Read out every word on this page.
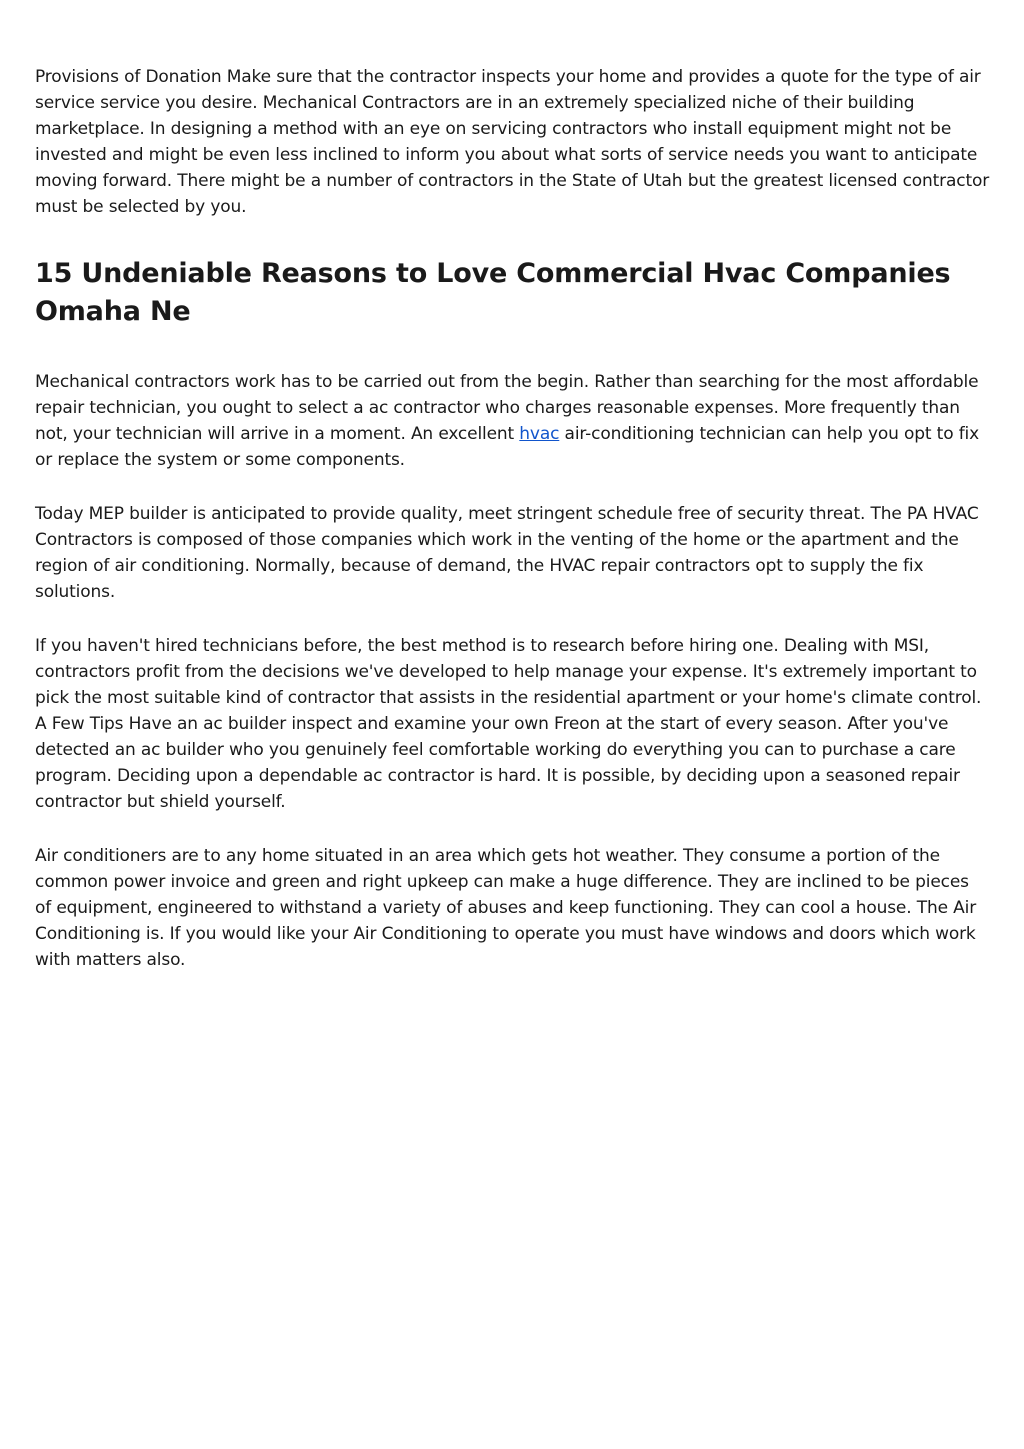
Provisions of Donation Make sure that the contractor inspects your home and provides a quote for the type of air service service you desire. Mechanical Contractors are in an extremely specialized niche of their building marketplace. In designing a method with an eye on servicing contractors who install equipment might not be invested and might be even less inclined to inform you about what sorts of service needs you want to anticipate moving forward. There might be a number of contractors in the State of Utah but the greatest licensed contractor must be selected by you.

15 Undeniable Reasons to Love Commercial Hvac Companies Omaha Ne

Mechanical contractors work has to be carried out from the begin. Rather than searching for the most affordable repair technician, you ought to select a ac contractor who charges reasonable expenses. More frequently than not, your technician will arrive in a moment. An excellent hvac air-conditioning technician can help you opt to fix or replace the system or some components.

Today MEP builder is anticipated to provide quality, meet stringent schedule free of security threat. The PA HVAC Contractors is composed of those companies which work in the venting of the home or the apartment and the region of air conditioning. Normally, because of demand, the HVAC repair contractors opt to supply the fix solutions.

If you haven't hired technicians before, the best method is to research before hiring one. Dealing with MSI, contractors profit from the decisions we've developed to help manage your expense. It's extremely important to pick the most suitable kind of contractor that assists in the residential apartment or your home's climate control. A Few Tips Have an ac builder inspect and examine your own Freon at the start of every season. After you've detected an ac builder who you genuinely feel comfortable working do everything you can to purchase a care program. Deciding upon a dependable ac contractor is hard. It is possible, by deciding upon a seasoned repair contractor but shield yourself.

Air conditioners are to any home situated in an area which gets hot weather. They consume a portion of the common power invoice and green and right upkeep can make a huge difference. They are inclined to be pieces of equipment, engineered to withstand a variety of abuses and keep functioning. They can cool a house. The Air Conditioning is. If you would like your Air Conditioning to operate you must have windows and doors which work with matters also.
